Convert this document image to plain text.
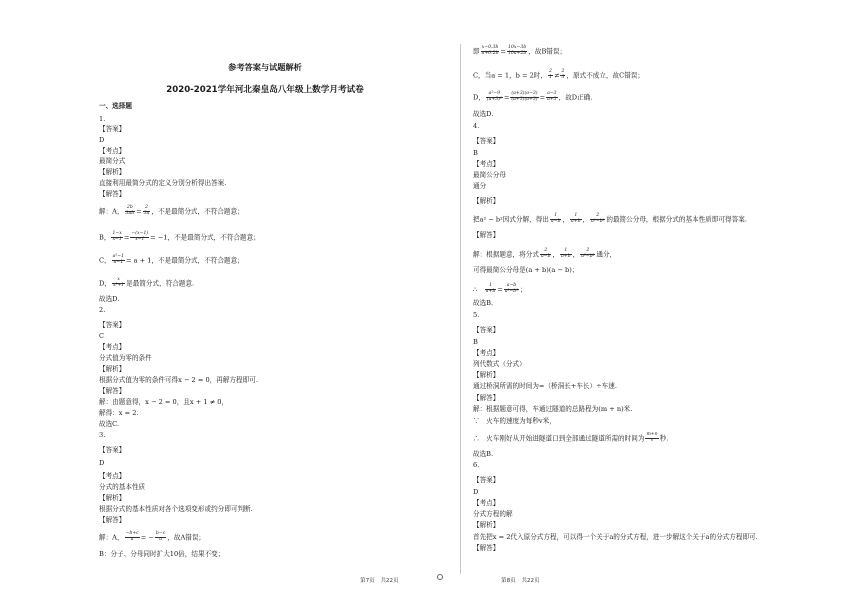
参考答案与试题解析
2020-2021学年河北秦皇岛八年级上数学月考试卷
一、选择题
1.
【答案】
D
【考点】
最简分式
【解析】
直接利用最简分式的定义分别分析得出答案.
【解答】
解：A， $\frac{2b}{3ab} = \frac{2}{3a}$ ，不是最简分式，不符合题意；
B， $\frac{1-x}{x-1} = \frac{-(x-1)}{x-1} = -1$，不是最简分式，不符合题意；
C， $\frac{\text{a²−1}}{a-1} = a + 1$，不是最简分式，不符合题意；
D， $\frac{x}{\text{x²+1}}$ 是最简分式，符合题意.
故选D.
2.
【答案】
C
【考点】
分式值为零的条件
【解析】
根据分式值为零的条件可得x − 2 = 0，再解方程即可.
【解答】
解：由题意得，x − 2 = 0，且x + 1 ≠ 0，
解得：x = 2.
故选C.
3.
【答案】
D
【考点】
分式的基本性质
【解析】
根据分式的基本性质对各个选项变形或约分即可判断.
【解答】
解：A， $\frac{-b+c}{a}$ = − $\frac{b-c}{a}$ ，故A错误；
B：分子、分母同时扩大10倍，结果不变；
即 $\frac{x-0.3b}{a+0.2b} = \frac{10x-3b}{10a+2b}$ ，故B错误；
C，当a = 1，b = 2时， $\frac{2}{1} \ne \frac{2}{3}$ ，原式不成立，故C错误；
D， $\frac{\text{a²−9}}{\text{(a+3)²}} = \frac{(a+3)(a-3)}{(a+3)(a+3)} = \frac{a-3}{a+3}$ ，故D正确.
故选D.
4.
【答案】
B
【考点】
最简公分母
通分
【解析】
把a² − b²因式分解，得出 $\frac{1}{a-b}$ ， $\frac{1}{a+b}$ ， $\frac{2}{\text{a²−b²}}$ 的最简公分母，根据分式的基本性质即可得答案.
【解答】
解：根据题意，将分式 $\frac{2}{a-b}$ ， $\frac{1}{a+b}$ ， $\frac{2}{\text{a²−b²}}$ 通分，
可得最简公分母是(a + b)(a − b)；
∴　 $\frac{1}{a+b} = \frac{a-b}{\text{a²−b²}}$ ；
故选B.
5.
【答案】
B
【考点】
列代数式（分式）
【解析】
通过桥洞所需的时间为=（桥洞长+车长）÷车速.
【解答】
解：根据题意可得，车通过隧道的总路程为(m + n)米.
∵　火车的速度为每秒v米，
∴　火车刚好从开始进隧道口到全部通过隧道所需的时间为 $\frac{m+n}{v}$ 秒.
故选B.
6.
【答案】
D
【考点】
分式方程的解
【解析】
首先把x = 2代入原分式方程，可以得一个关于a的分式方程，进一步解这个关于a的分式方程即可.
【解答】
第7页　共22页	第8页　共22页
